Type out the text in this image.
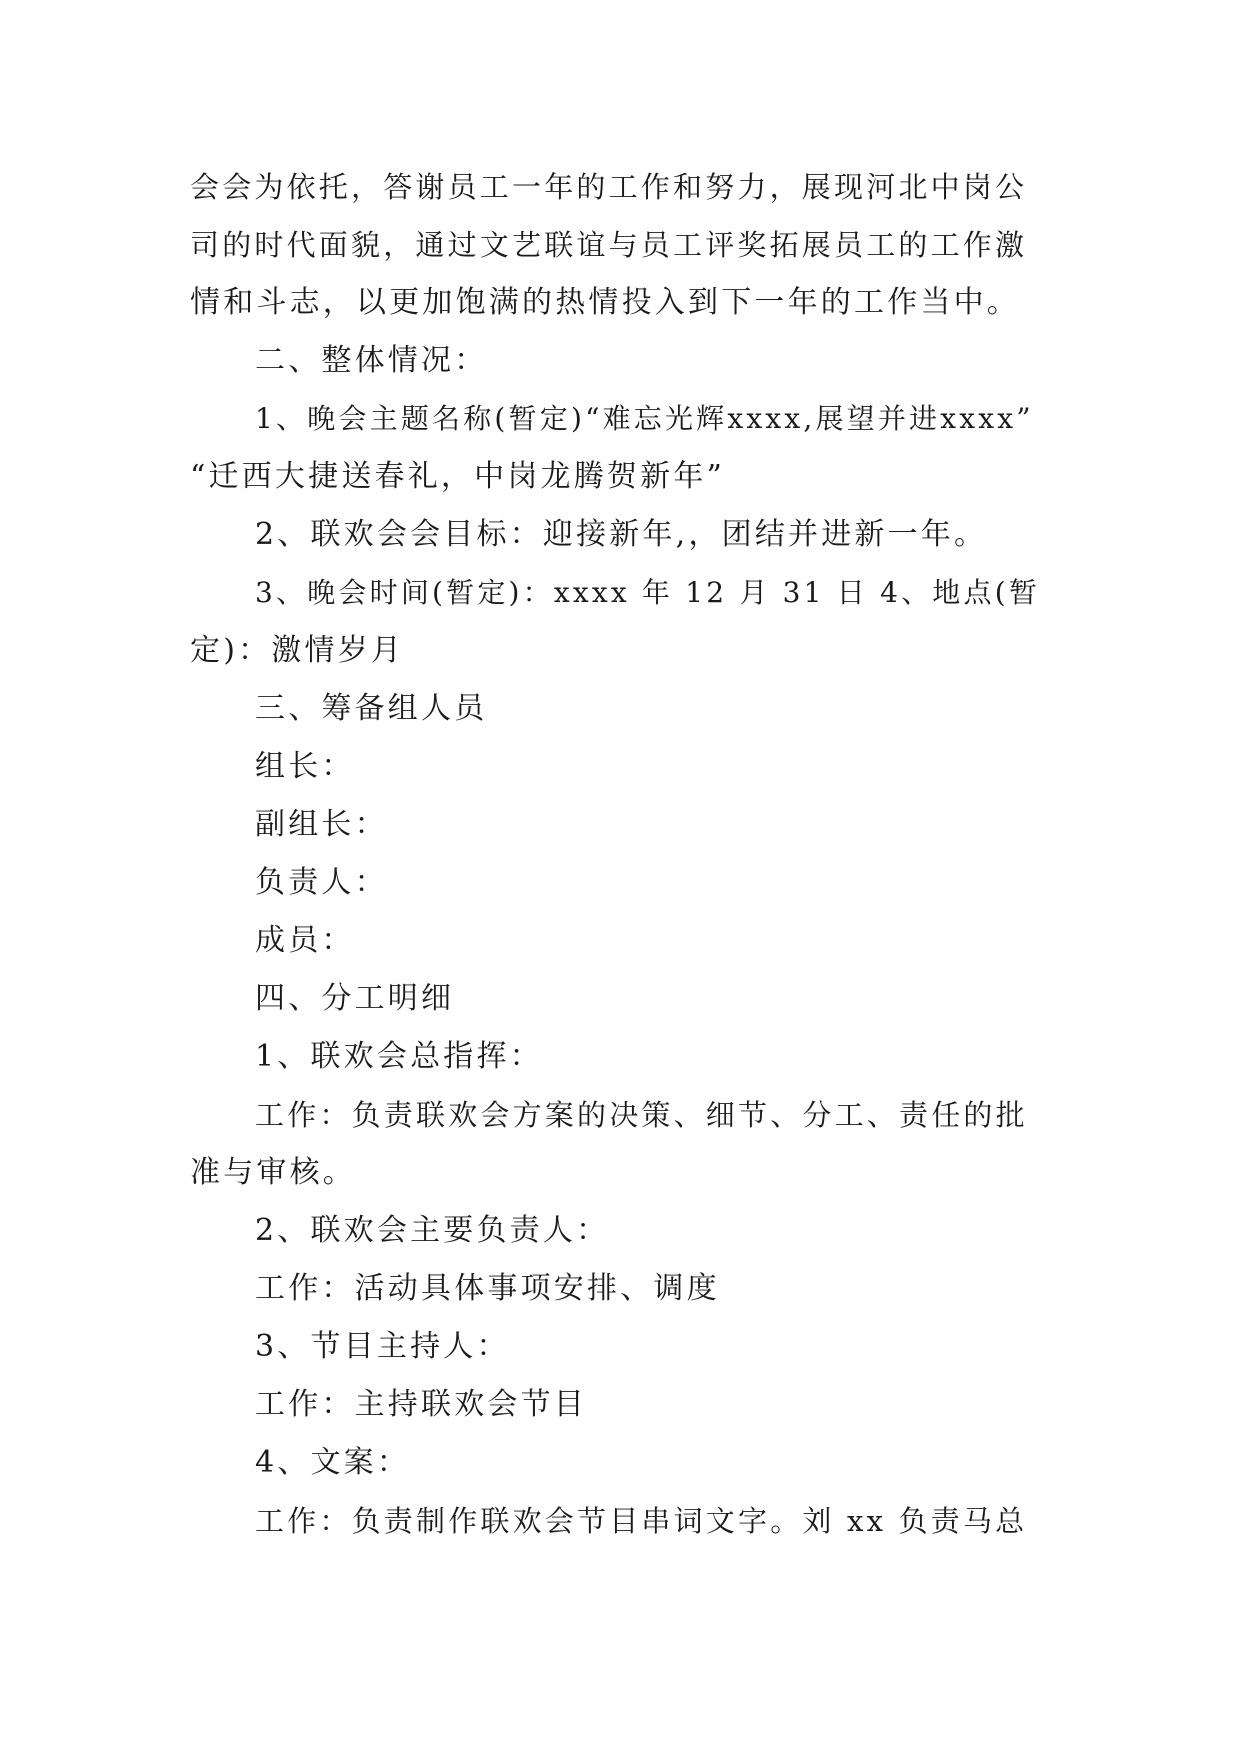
会会为依托，答谢员工一年的工作和努力，展现河北中岗公

司的时代面貌，通过文艺联谊与员工评奖拓展员工的工作激

情和斗志，以更加饱满的热情投入到下一年的工作当中。

二、整体情况：

1、晚会主题名称(暂定)“难忘光辉xxxx,展望并进xxxx”

“迁西大捷送春礼，中岗龙腾贺新年”

2、联欢会会目标：迎接新年,，团结并进新一年。

3、晚会时间(暂定)：xxxx 年 12 月 31 日 4、地点(暂

定)：激情岁月

三、筹备组人员

组长：

副组长：

负责人：

成员：

四、分工明细

1、联欢会总指挥：

工作：负责联欢会方案的决策、细节、分工、责任的批

准与审核。

2、联欢会主要负责人：

工作：活动具体事项安排、调度

3、节目主持人：

工作：主持联欢会节目

4、文案：

工作：负责制作联欢会节目串词文字。刘 xx 负责马总
